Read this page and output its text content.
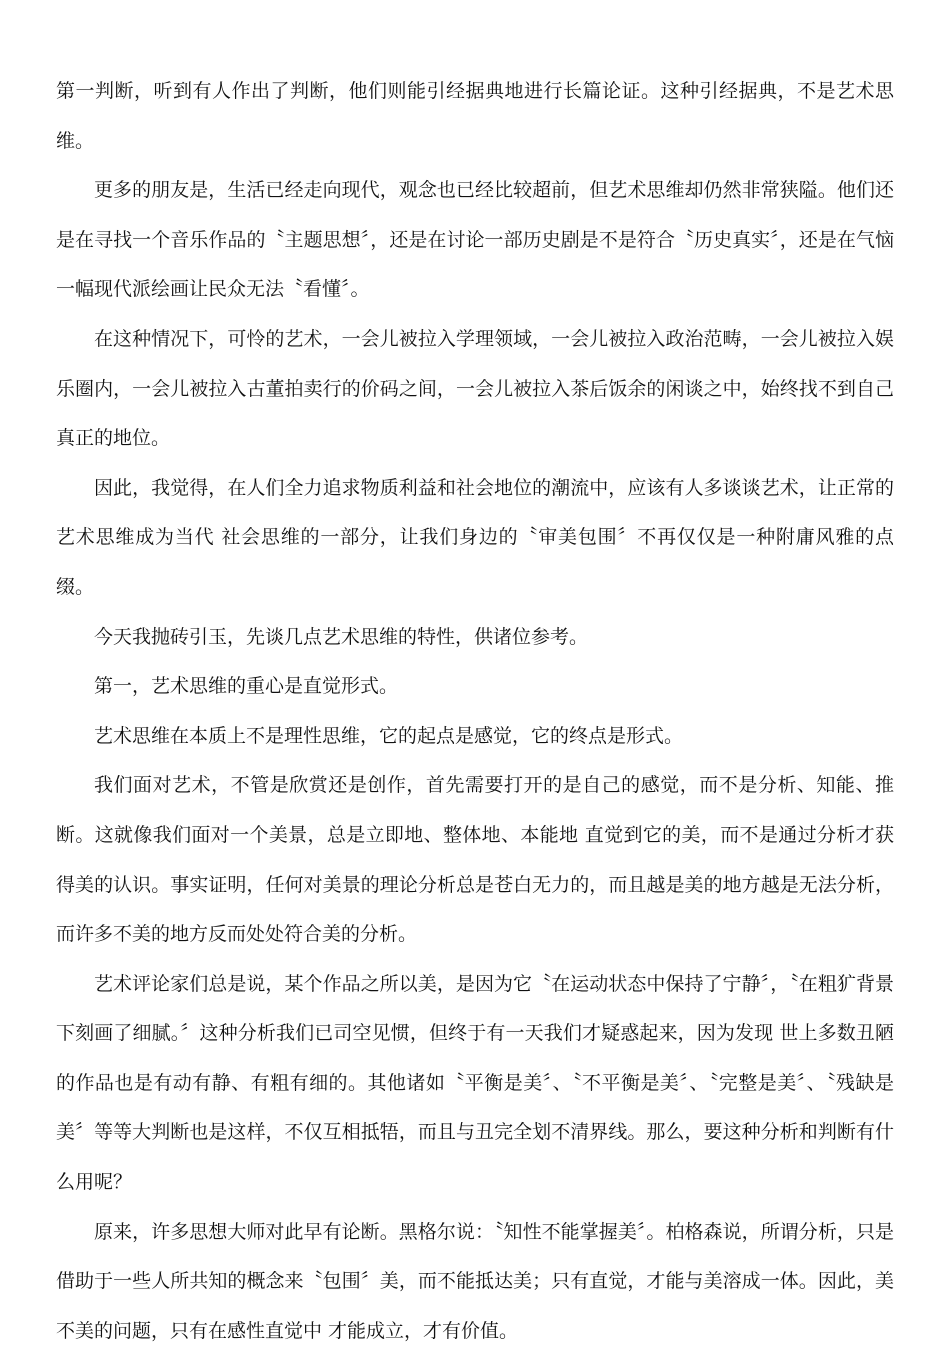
第一判断，听到有人作出了判断，他们则能引经据典地进行长篇论证。这种引经据典，不是艺术思维。

更多的朋友是，生活已经走向现代，观念也已经比较超前，但艺术思维却仍然非常狭隘。他们还是在寻找一个音乐作品的〝主题思想〞，还是在讨论一部历史剧是不是符合〝历史真实〞，还是在气恼一幅现代派绘画让民众无法〝看懂〞。

在这种情况下，可怜的艺术，一会儿被拉入学理领域，一会儿被拉入政治范畴，一会儿被拉入娱乐圈内，一会儿被拉入古董拍卖行的价码之间，一会儿被拉入茶后饭余的闲谈之中，始终找不到自己真正的地位。

因此，我觉得，在人们全力追求物质利益和社会地位的潮流中，应该有人多谈谈艺术，让正常的艺术思维成为当代 社会思维的一部分，让我们身边的〝审美包围〞不再仅仅是一种附庸风雅的点缀。

今天我抛砖引玉，先谈几点艺术思维的特性，供诸位参考。

第一，艺术思维的重心是直觉形式。

艺术思维在本质上不是理性思维，它的起点是感觉，它的终点是形式。

我们面对艺术，不管是欣赏还是创作，首先需要打开的是自己的感觉，而不是分析、知能、推断。这就像我们面对一个美景，总是立即地、整体地、本能地 直觉到它的美，而不是通过分析才获得美的认识。事实证明，任何对美景的理论分析总是苍白无力的，而且越是美的地方越是无法分析，而许多不美的地方反而处处符合美的分析。

艺术评论家们总是说，某个作品之所以美，是因为它〝在运动状态中保持了宁静〞，〝在粗犷背景下刻画了细腻。〞这种分析我们已司空见惯，但终于有一天我们才疑惑起来，因为发现 世上多数丑陋的作品也是有动有静、有粗有细的。其他诸如〝平衡是美〞、〝不平衡是美〞、〝完整是美〞、〝残缺是美〞等等大判断也是这样，不仅互相抵牾，而且与丑完全划不清界线。那么，要这种分析和判断有什么用呢？

原来，许多思想大师对此早有论断。黑格尔说：〝知性不能掌握美〞。柏格森说，所谓分析，只是借助于一些人所共知的概念来〝包围〞美，而不能抵达美；只有直觉，才能与美溶成一体。因此，美不美的问题，只有在感性直觉中 才能成立，才有价值。
